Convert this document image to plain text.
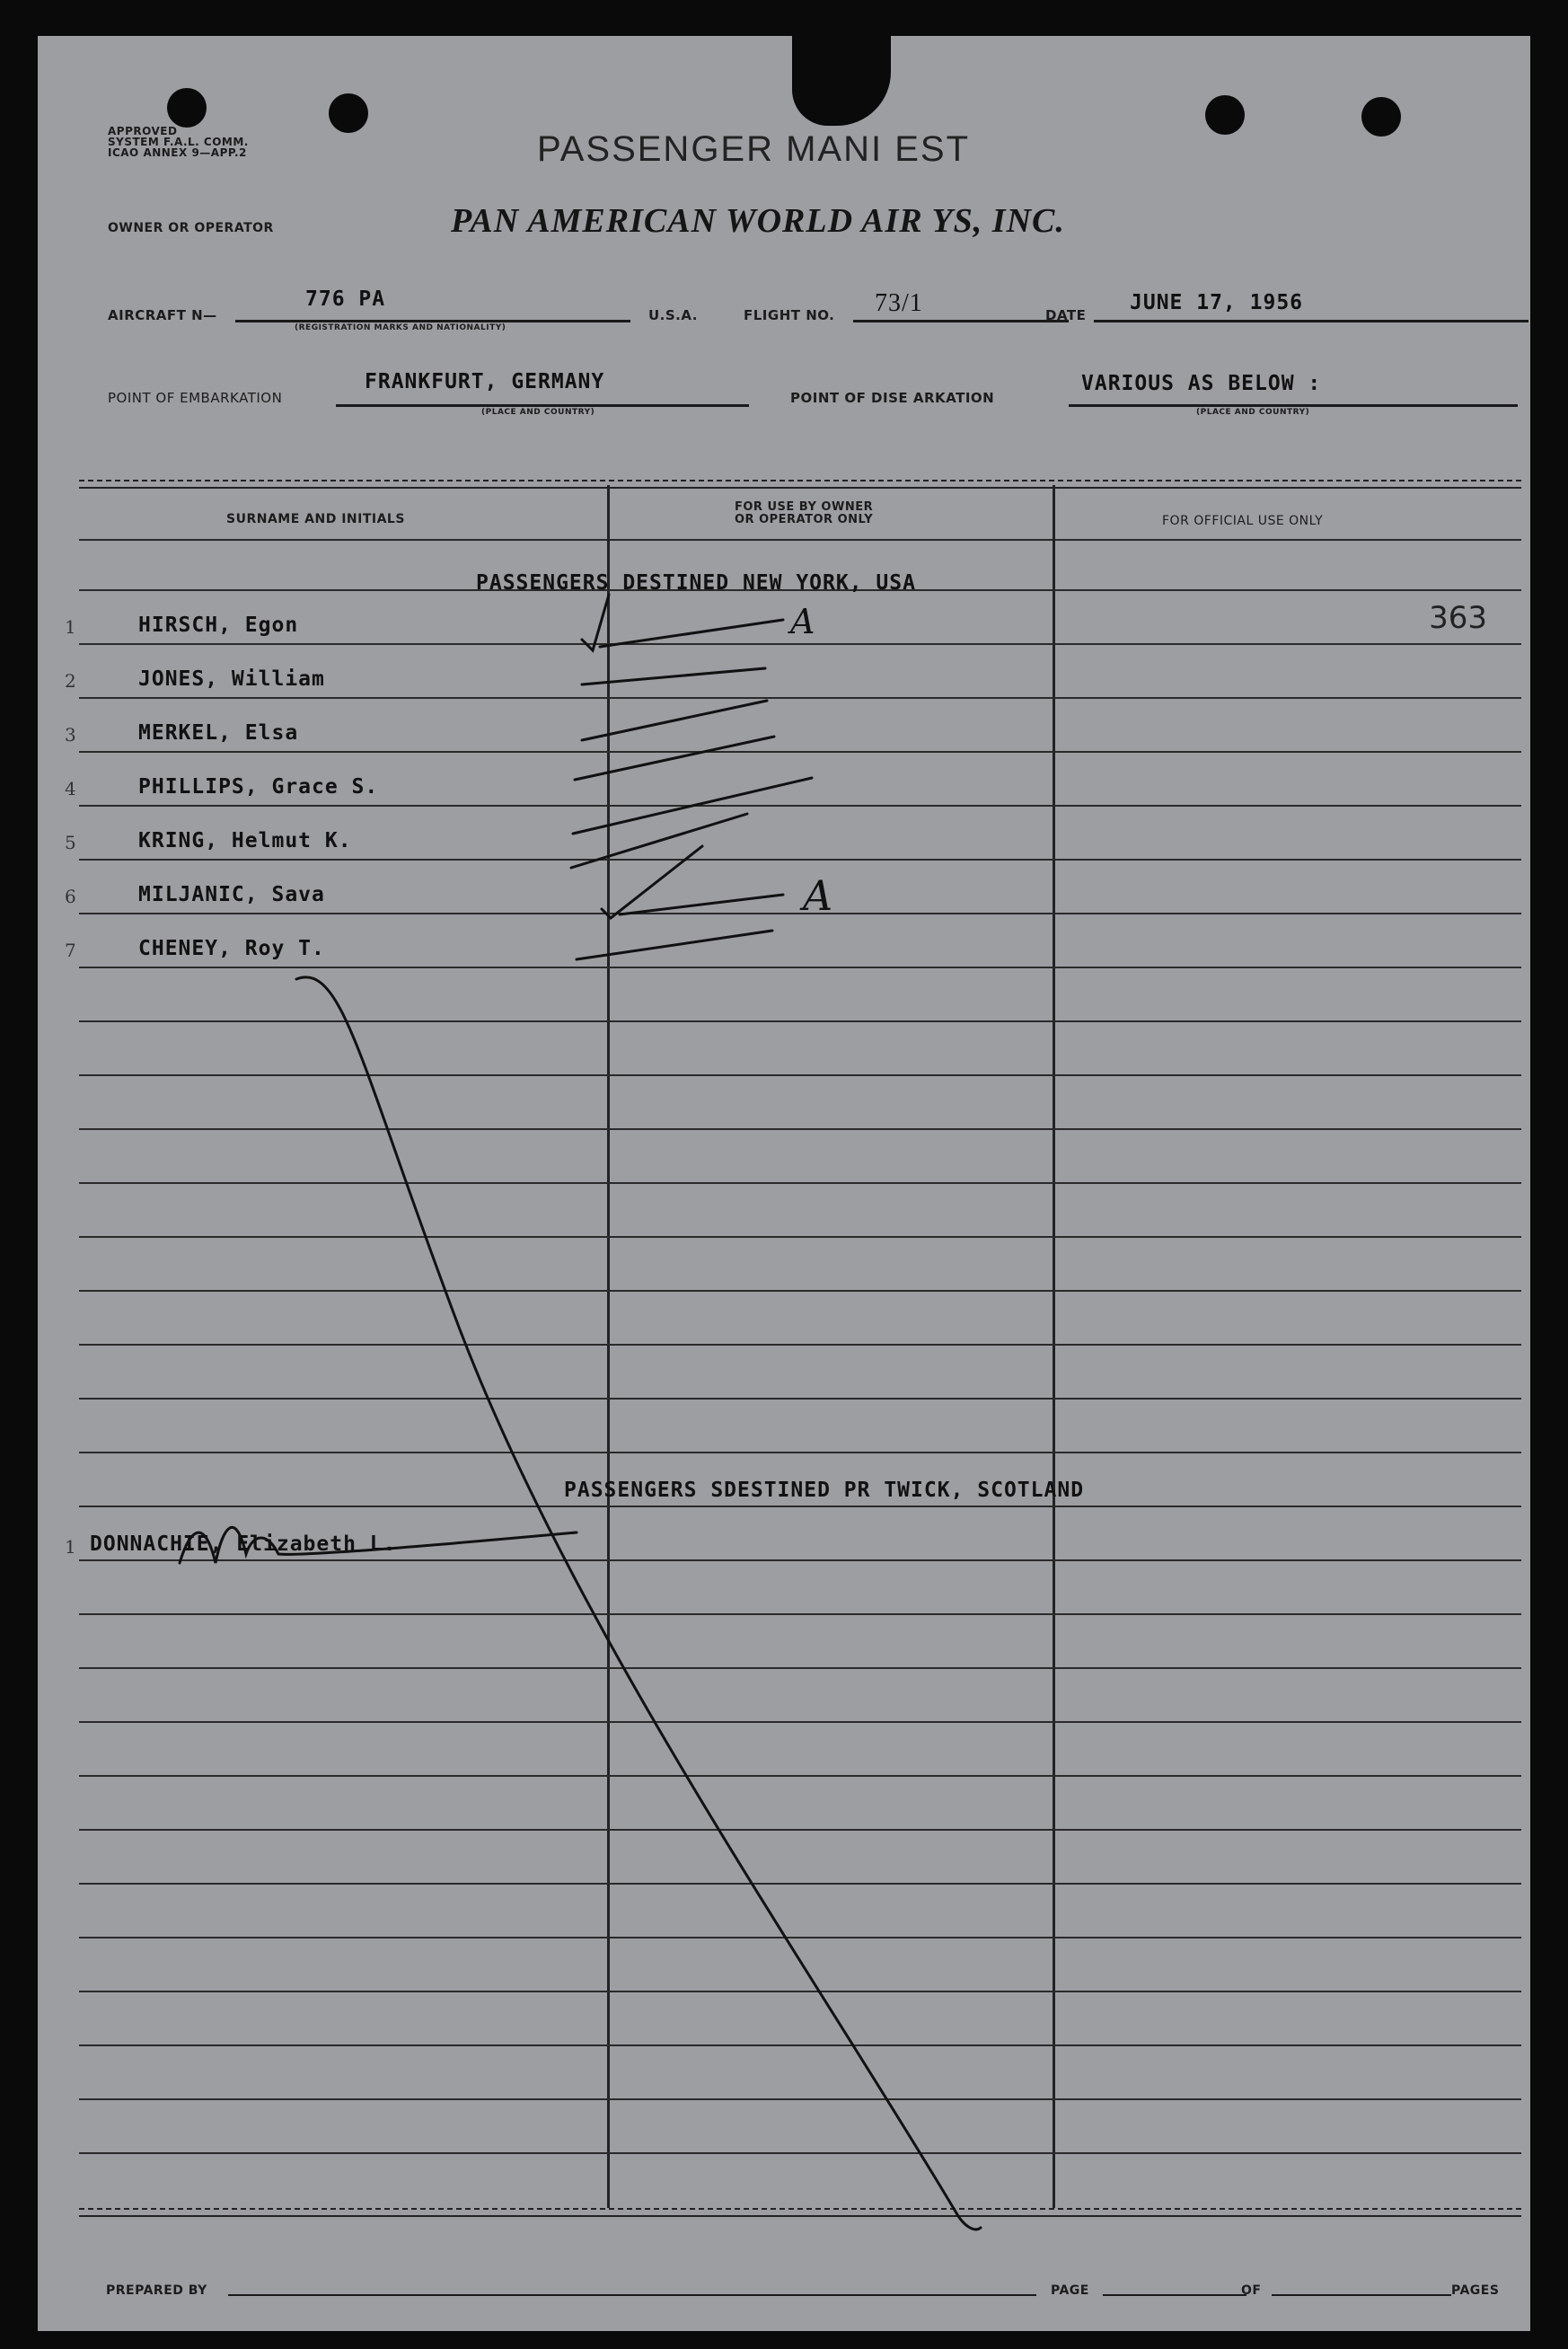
APPROVED
SYSTEM F.A.L. COMM.
ICAO ANNEX 9—APP.2	PASSENGER MANI EST
OWNER OR OPERATOR	PAN AMERICAN WORLD AIR YS, INC.
AIRCRAFT N—
776 PA
(REGISTRATION MARKS AND NATIONALITY)
U.S.A.	FLIGHT NO. 73/1	DATE
JUNE 17, 1956
POINT OF EMBARKATION
FRANKFURT, GERMANY
(PLACE AND COUNTRY)
POINT OF DISE ARKATION
VARIOUS AS BELOW :
(PLACE AND COUNTRY)
SURNAME AND INITIALS
FOR USE BY OWNER
OR OPERATOR ONLY	FOR OFFICIAL USE ONLY
PASSENGERS DESTINED NEW YORK, USA
363
1	HIRSCH, Egon
2	JONES, William
3	MERKEL, Elsa
4	PHILLIPS, Grace S.
5	KRING, Helmut K.
6	MILJANIC, Sava
7	CHENEY, Roy T.
A
A
PASSENGERS SDESTINED PR TWICK, SCOTLAND
1 DONNACHIE, Elizabeth L.
PREPARED BY	PAGE	OF	PAGES
